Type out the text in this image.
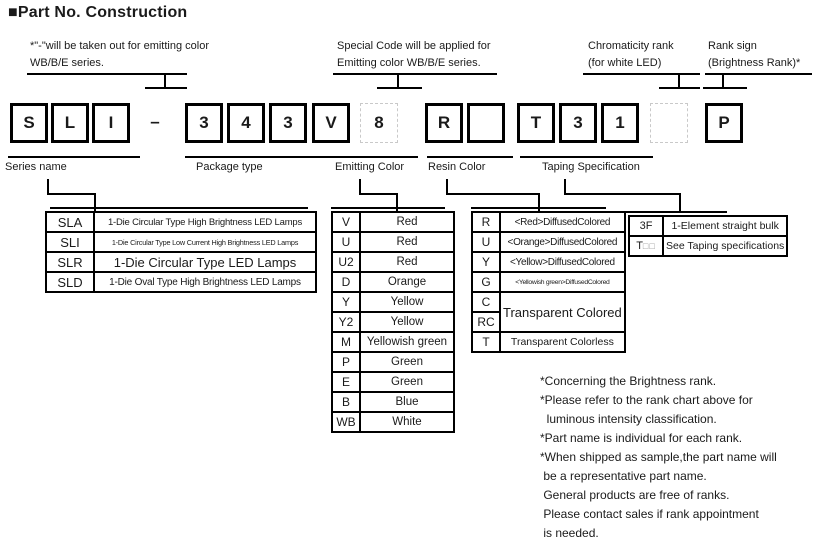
■Part No. Construction
*"-"will be taken out for emitting color
WB/B/E series.
Special Code will be applied for
Emitting color WB/B/E series.
Chromaticity rank
(for white LED)
Rank sign
(Brightness Rank)*
S	L	I	–	3	4	3	V	8	R	T	3	1	P
Series name	Package type	Emitting Color Resin Color	Taping Specification
SLA	1-Die Circular Type High Brightness LED Lamps
SLI	1-Die Circular Type Low Current High Brightness LED Lamps
SLR	1-Die Circular Type LED Lamps
SLD	1-Die Oval Type High Brightness LED Lamps
V	Red
U	Red
U2	Red
D	Orange
Y	Yellow
Y2	Yellow
M	Yellowish green
P	Green
E	Green
B	Blue
WB	White
R	<Red>DiffusedColored
U	<Orange>DiffusedColored
Y	<Yellow>DiffusedColored
G	<Yellowish green>DiffusedColored
C	Transparent Colored
RC	
T	Transparent Colorless
3F	1-Element straight bulk
T□□	See Taping specifications
*Concerning the Brightness rank.
*Please refer to the rank chart above for
luminous intensity classification.
*Part name is individual for each rank.
*When shipped as sample,the part name will
be a representative part name.
General products are free of ranks.
Please contact sales if rank appointment
is needed.
